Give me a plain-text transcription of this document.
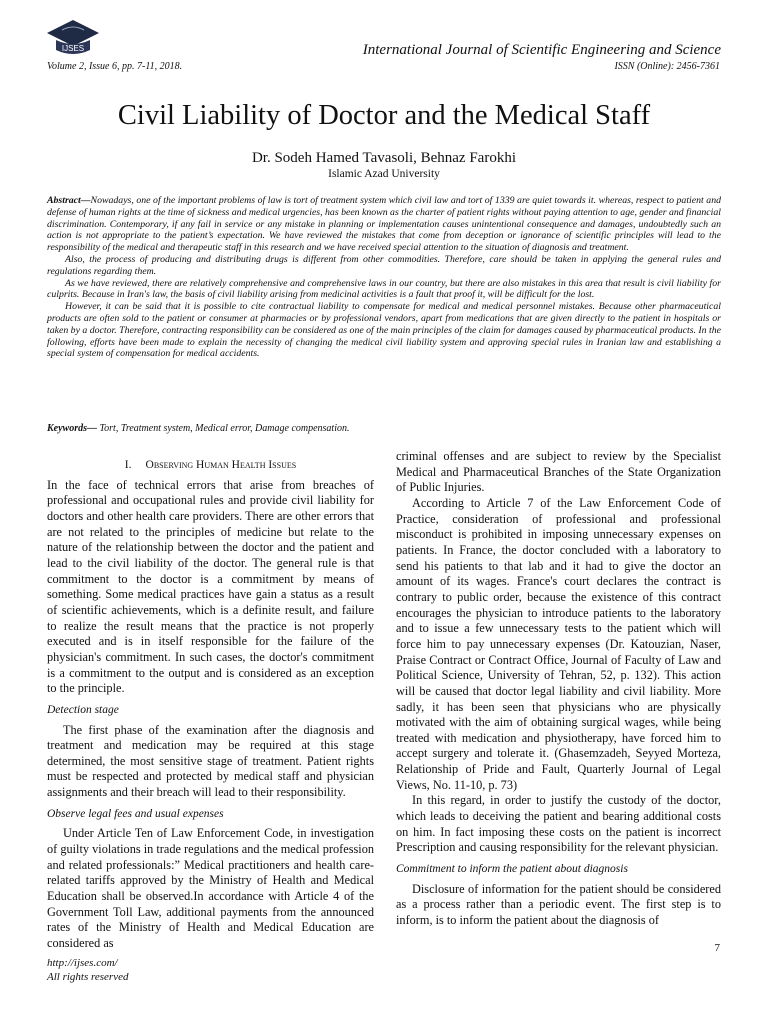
IJSES	International Journal of Scientific Engineering and Science
Volume 2, Issue 6, pp. 7-11, 2018.	ISSN (Online): 2456-7361
Civil Liability of Doctor and the Medical Staff
Dr. Sodeh Hamed Tavasoli, Behnaz Farokhi
Islamic Azad University

Abstract—Nowadays, one of the important problems of law is tort of treatment system which civil law and tort of 1339 are quiet towards it. whereas, respect to patient and defense of human rights at the time of sickness and medical urgencies, has been known as the charter of patient rights without paying attention to age, gender and financial discrimination. Contemporary, if any fail in service or any mistake in planning or implementation causes unintentional consequence and damages, undoubtedly such an action is not appropriate to the patient’s expectation. We have reviewed the mistakes that come from deception or ignorance of scientific principles will lead to the responsibility of the medical and therapeutic staff in this research and we have received special attention to the situation of diagnosis and treatment.

Also, the process of producing and distributing drugs is different from other commodities. Therefore, care should be taken in applying the general rules and regulations regarding them.

As we have reviewed, there are relatively comprehensive and comprehensive laws in our country, but there are also mistakes in this area that result is civil liability for culprits. Because in Iran's law, the basis of civil liability arising from medicinal activities is a fault that proof it, will be difficult for the lost.

However, it can be said that it is possible to cite contractual liability to compensate for medical and medical personnel mistakes. Because other pharmaceutical products are often sold to the patient or consumer at pharmacies or by professional vendors, apart from medications that are given directly to the patient in hospitals or taken by a doctor. Therefore, contracting responsibility can be considered as one of the main principles of the claim for damages caused by pharmaceutical products. In the following, efforts have been made to explain the necessity of changing the medical civil liability system and approving special rules in Iranian law and establishing a special system of compensation for medical accidents.

Keywords— Tort, Treatment system, Medical error, Damage compensation.
I. Observing Human Health Issues

In the face of technical errors that arise from breaches of professional and occupational rules and provide civil liability for doctors and other health care providers. There are other errors that are not related to the principles of medicine but relate to the nature of the relationship between the doctor and the patient and lead to the civil liability of the doctor. The general rule is that commitment to the doctor is a commitment by means of something. Some medical practices have gain a status as a result of scientific achievements, which is a definite result, and failure to realize the result means that the practice is not properly executed and is in itself responsible for the failure of the physician's commitment. In such cases, the doctor's commitment is a commitment to the output and is considered as an exception to the principle.

Detection stage

The first phase of the examination after the diagnosis and treatment and medication may be required at this stage determined, the most sensitive stage of treatment. Patient rights must be respected and protected by medical staff and physician assignments and their breach will lead to their responsibility.

Observe legal fees and usual expenses

Under Article Ten of Law Enforcement Code, in investigation of guilty violations in trade regulations and the medical profession and related professionals:” Medical practitioners and health care-related tariffs approved by the Ministry of Health and Medical Education shall be observed.In accordance with Article 4 of the Government Toll Law, additional payments from the announced rates of the Ministry of Health and Medical Education are considered as

criminal offenses and are subject to review by the Specialist Medical and Pharmaceutical Branches of the State Organization of Public Injuries.

According to Article 7 of the Law Enforcement Code of Practice, consideration of professional and professional misconduct is prohibited in imposing unnecessary expenses on patients. In France, the doctor concluded with a laboratory to send his patients to that lab and it had to give the doctor an amount of its wages. France's court declares the contract is contrary to public order, because the existence of this contract encourages the physician to introduce patients to the laboratory and to issue a few unnecessary tests to the patient which will force him to pay unnecessary expenses (Dr. Katouzian, Naser, Praise Contract or Contract Office, Journal of Faculty of Law and Political Science, University of Tehran, 52, p. 132). This action will be caused that doctor legal liability and civil liability. More sadly, it has been seen that physicians who are physically motivated with the aim of obtaining surgical wages, while being treated with medication and physiotherapy, have forced him to accept surgery and tolerate it. (Ghasemzadeh, Seyyed Morteza, Relationship of Pride and Fault, Quarterly Journal of Legal Views, No. 11-10, p. 73)

In this regard, in order to justify the custody of the doctor, which leads to deceiving the patient and bearing additional costs on him. In fact imposing these costs on the patient is incorrect Prescription and causing responsibility for the relevant physician.

Commitment to inform the patient about diagnosis

Disclosure of information for the patient should be considered as a process rather than a periodic event. The first step is to inform, is to inform the patient about the diagnosis of

7
http://ijses.com/
All rights reserved
